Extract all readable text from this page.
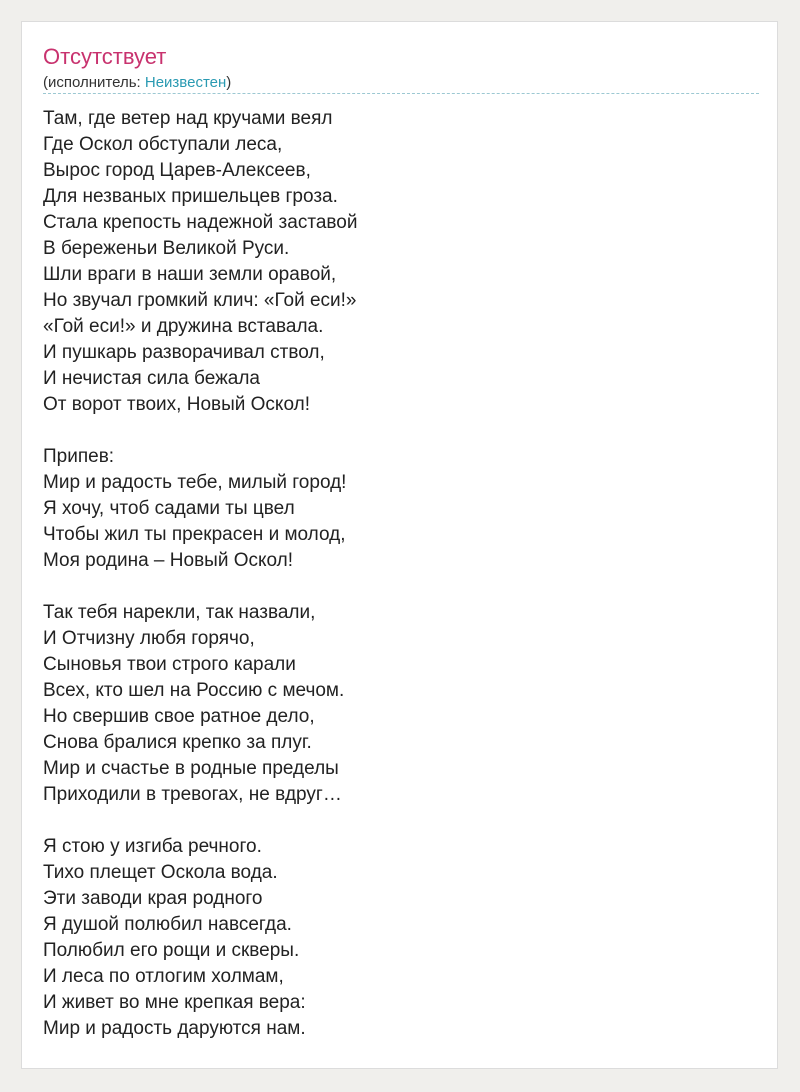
Отсутствует
(исполнитель: Неизвестен)
Там, где ветер над кручами веял
Где Оскол обступали леса,
Вырос город Царев-Алексеев,
Для незваных пришельцев гроза.
Стала крепость надежной заставой
В береженьи Великой Руси.
Шли враги в наши земли оравой,
Но звучал громкий клич: «Гой еси!»
«Гой еси!» и дружина вставала.
И пушкарь разворачивал ствол,
И нечистая сила бежала
От ворот твоих, Новый Оскол!
Припев:
Мир и радость тебе, милый город!
Я хочу, чтоб садами ты цвел
Чтобы жил ты прекрасен и молод,
Моя родина – Новый Оскол!
Так тебя нарекли, так назвали,
И Отчизну любя горячо,
Сыновья твои строго карали
Всех, кто шел на Россию с мечом.
Но свершив свое ратное дело,
Снова бралися крепко за плуг.
Мир и счастье в родные пределы
Приходили в тревогах, не вдруг…
Я стою у изгиба речного.
Тихо плещет Оскола вода.
Эти заводи края родного
Я душой полюбил навсегда.
Полюбил его рощи и скверы.
И леса по отлогим холмам,
И живет во мне крепкая вера:
Мир и радость даруются нам.
